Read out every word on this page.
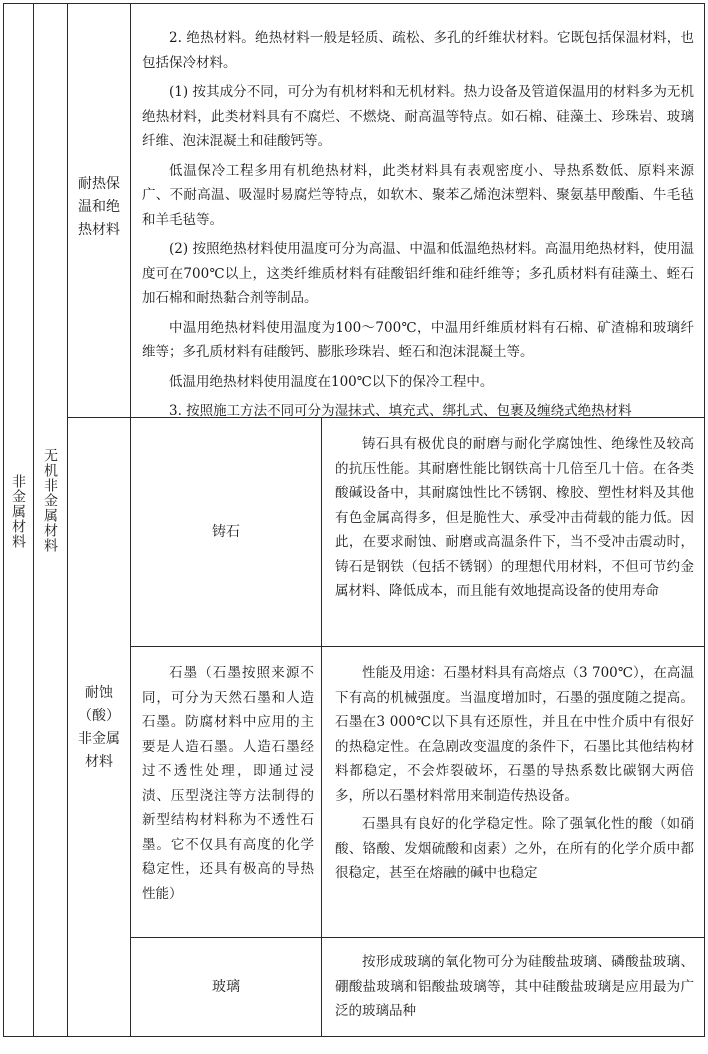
非金属材料 无机非金属材料
耐热保温和绝热材料

2. 绝热材料。绝热材料一般是轻质、疏松、多孔的纤维状材料。它既包括保温材料，也包括保冷材料。

(1) 按其成分不同，可分为有机材料和无机材料。热力设备及管道保温用的材料多为无机绝热材料，此类材料具有不腐烂、不燃烧、耐高温等特点。如石棉、硅藻土、珍珠岩、玻璃纤维、泡沫混凝土和硅酸钙等。

低温保冷工程多用有机绝热材料，此类材料具有表观密度小、导热系数低、原料来源广、不耐高温、吸湿时易腐烂等特点，如软木、聚苯乙烯泡沫塑料、聚氨基甲酸酯、牛毛毡和羊毛毡等。

(2) 按照绝热材料使用温度可分为高温、中温和低温绝热材料。高温用绝热材料，使用温度可在700℃以上，这类纤维质材料有硅酸铝纤维和硅纤维等；多孔质材料有硅藻土、蛭石加石棉和耐热黏合剂等制品。

中温用绝热材料使用温度为100～700℃，中温用纤维质材料有石棉、矿渣棉和玻璃纤维等；多孔质材料有硅酸钙、膨胀珍珠岩、蛭石和泡沫混凝土等。

低温用绝热材料使用温度在100℃以下的保冷工程中。

3. 按照施工方法不同可分为湿抹式、填充式、绑扎式、包裹及缠绕式绝热材料

耐蚀（酸）非金属材料
铸石

铸石具有极优良的耐磨与耐化学腐蚀性、绝缘性及较高的抗压性能。其耐磨性能比钢铁高十几倍至几十倍。在各类酸碱设备中，其耐腐蚀性比不锈钢、橡胶、塑性材料及其他有色金属高得多，但是脆性大、承受冲击荷载的能力低。因此，在要求耐蚀、耐磨或高温条件下，当不受冲击震动时，铸石是钢铁（包括不锈钢）的理想代用材料，不但可节约金属材料、降低成本，而且能有效地提高设备的使用寿命

石墨（石墨按照来源不同，可分为天然石墨和人造石墨。防腐材料中应用的主要是人造石墨。人造石墨经过不透性处理，即通过浸渍、压型浇注等方法制得的新型结构材料称为不透性石墨。它不仅具有高度的化学稳定性，还具有极高的导热性能）

性能及用途：石墨材料具有高熔点（3 700℃），在高温下有高的机械强度。当温度增加时，石墨的强度随之提高。石墨在3 000℃以下具有还原性，并且在中性介质中有很好的热稳定性。在急剧改变温度的条件下，石墨比其他结构材料都稳定，不会炸裂破坏，石墨的导热系数比碳钢大两倍多，所以石墨材料常用来制造传热设备。

石墨具有良好的化学稳定性。除了强氧化性的酸（如硝酸、铬酸、发烟硫酸和卤素）之外，在所有的化学介质中都很稳定，甚至在熔融的碱中也稳定

玻璃

按形成玻璃的氧化物可分为硅酸盐玻璃、磷酸盐玻璃、硼酸盐玻璃和铝酸盐玻璃等，其中硅酸盐玻璃是应用最为广泛的玻璃品种
